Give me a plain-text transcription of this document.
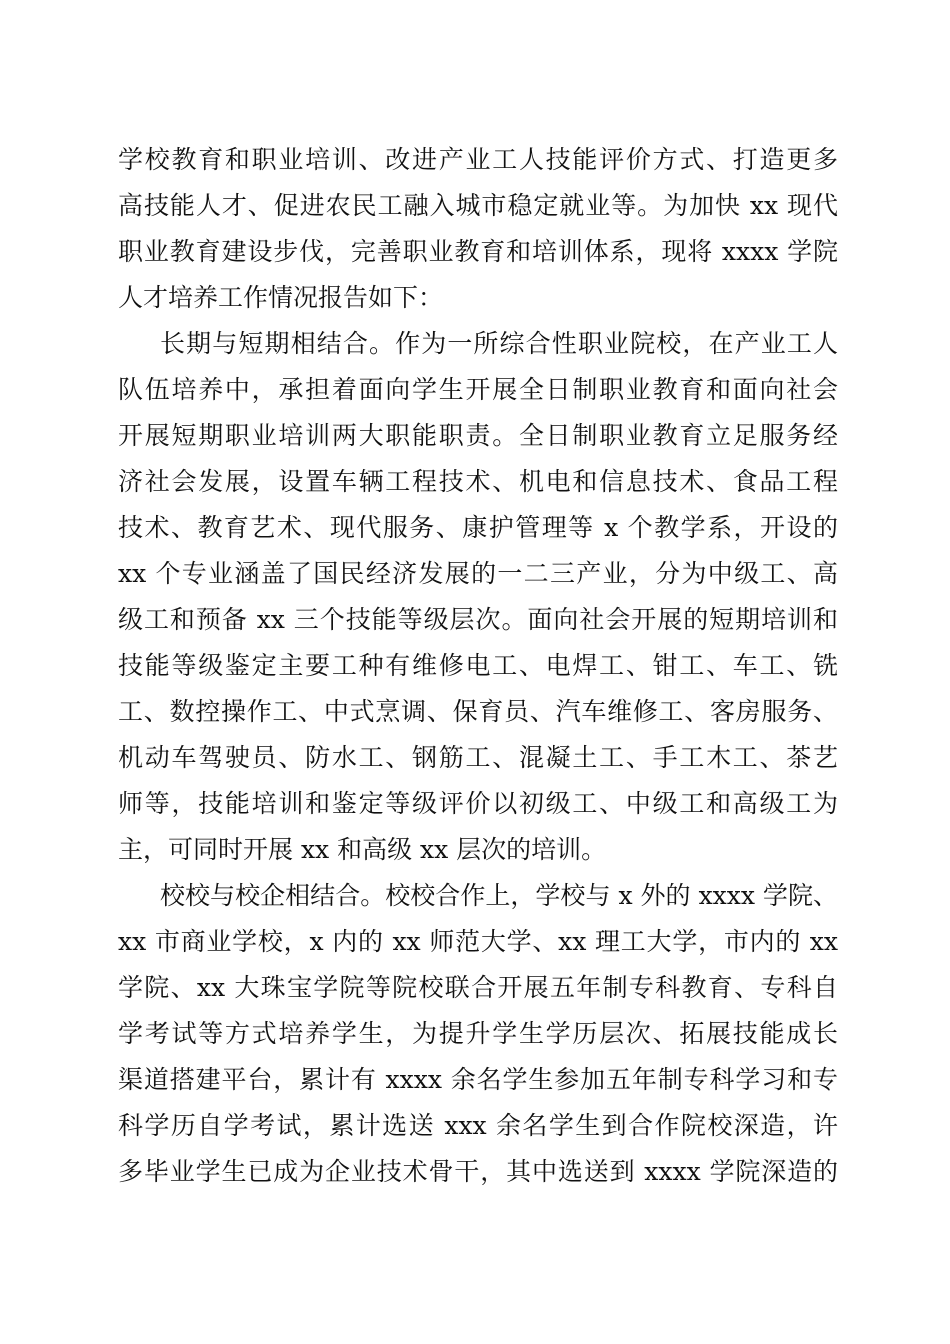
学校教育和职业培训、改进产业工人技能评价方式、打造更多
高技能人才、促进农民工融入城市稳定就业等。为加快 xx 现代
职业教育建设步伐，完善职业教育和培训体系，现将 xxxx 学院
人才培养工作情况报告如下：
长期与短期相结合。作为一所综合性职业院校，在产业工人
队伍培养中，承担着面向学生开展全日制职业教育和面向社会
开展短期职业培训两大职能职责。全日制职业教育立足服务经
济社会发展，设置车辆工程技术、机电和信息技术、食品工程
技术、教育艺术、现代服务、康护管理等 x 个教学系，开设的
xx 个专业涵盖了国民经济发展的一二三产业，分为中级工、高
级工和预备 xx 三个技能等级层次。面向社会开展的短期培训和
技能等级鉴定主要工种有维修电工、电焊工、钳工、车工、铣
工、数控操作工、中式烹调、保育员、汽车维修工、客房服务、
机动车驾驶员、防水工、钢筋工、混凝土工、手工木工、茶艺
师等，技能培训和鉴定等级评价以初级工、中级工和高级工为
主，可同时开展 xx 和高级 xx 层次的培训。
校校与校企相结合。校校合作上，学校与 x 外的 xxxx 学院、
xx 市商业学校，x 内的 xx 师范大学、xx 理工大学，市内的 xx
学院、xx 大珠宝学院等院校联合开展五年制专科教育、专科自
学考试等方式培养学生，为提升学生学历层次、拓展技能成长
渠道搭建平台，累计有 xxxx 余名学生参加五年制专科学习和专
科学历自学考试，累计选送 xxx 余名学生到合作院校深造，许
多毕业学生已成为企业技术骨干，其中选送到 xxxx 学院深造的
